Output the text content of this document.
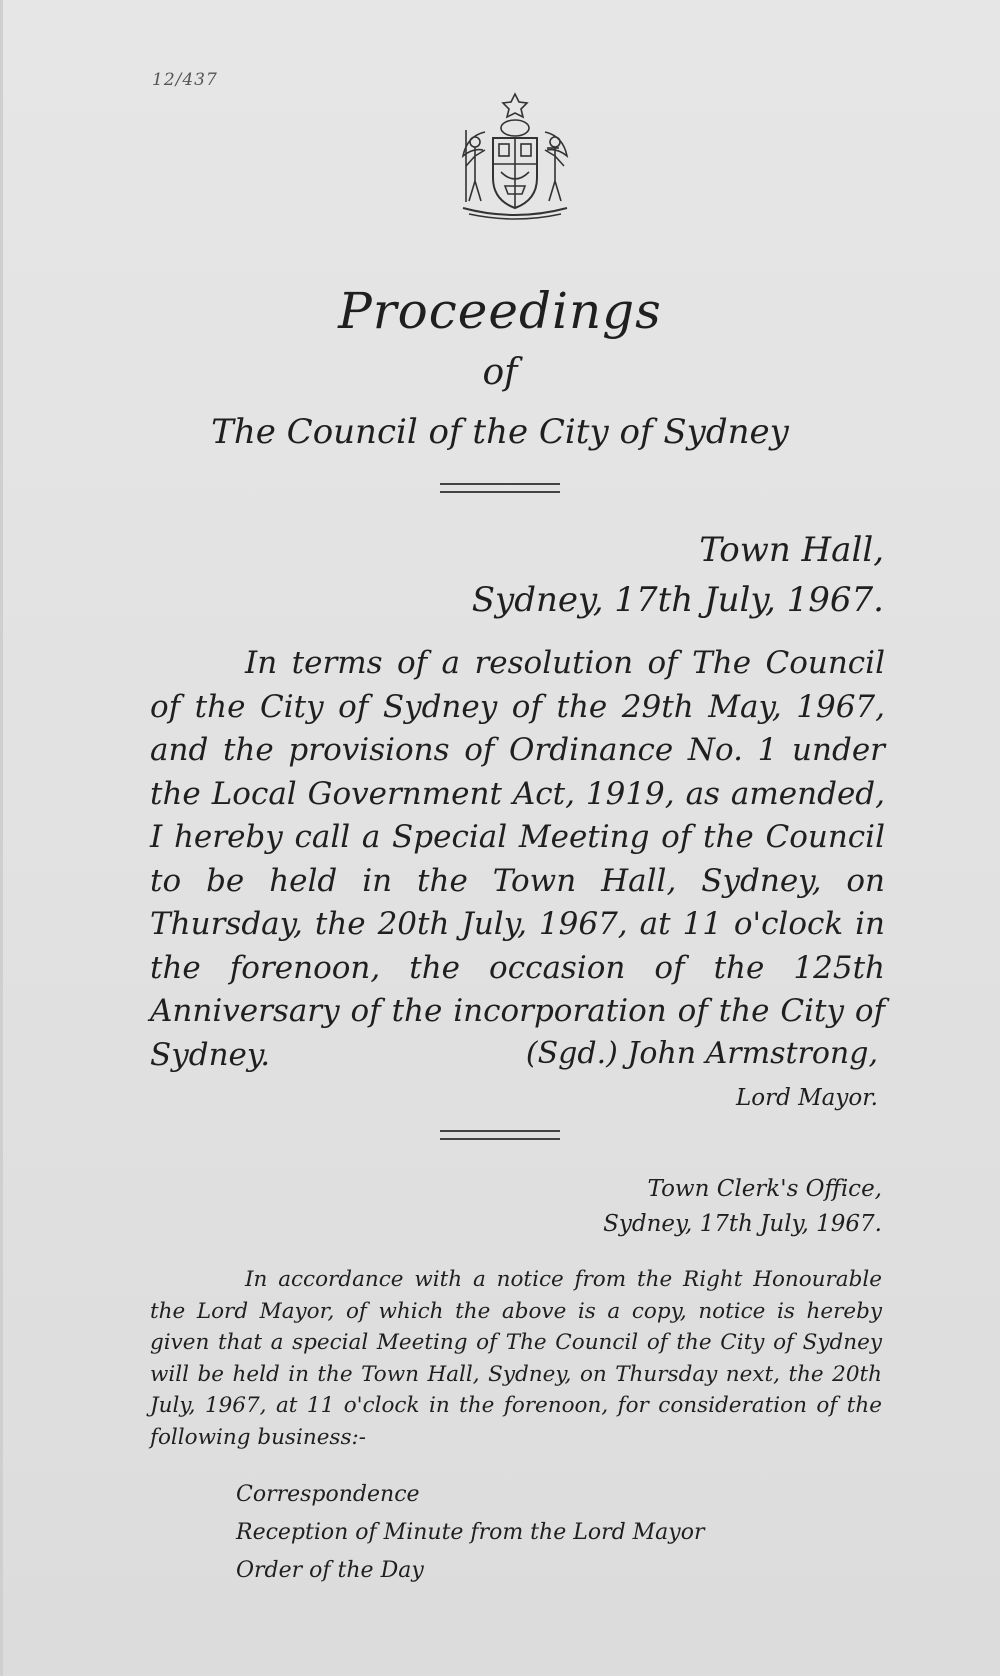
12/437
Proceedings
of
The Council of the City of Sydney
Town Hall,
Sydney, 17th July, 1967.
In terms of a resolution of The Council of the City of Sydney of the 29th May, 1967, and the provisions of Ordinance No. 1 under the Local Government Act, 1919, as amended, I hereby call a Special Meeting of the Council to be held in the Town Hall, Sydney, on Thursday, the 20th July, 1967, at 11 o'clock in the forenoon, the occasion of the 125th Anniversary of the incorporation of the City of Sydney.	(Sgd.) John Armstrong,
Lord Mayor.
Town Clerk's Office,
Sydney, 17th July, 1967.
In accordance with a notice from the Right Honourable the Lord Mayor, of which the above is a copy, notice is hereby given that a special Meeting of The Council of the City of Sydney will be held in the Town Hall, Sydney, on Thursday next, the 20th July, 1967, at 11 o'clock in the forenoon, for consideration of the following business:-
Correspondence
Reception of Minute from the Lord Mayor
Order of the Day
